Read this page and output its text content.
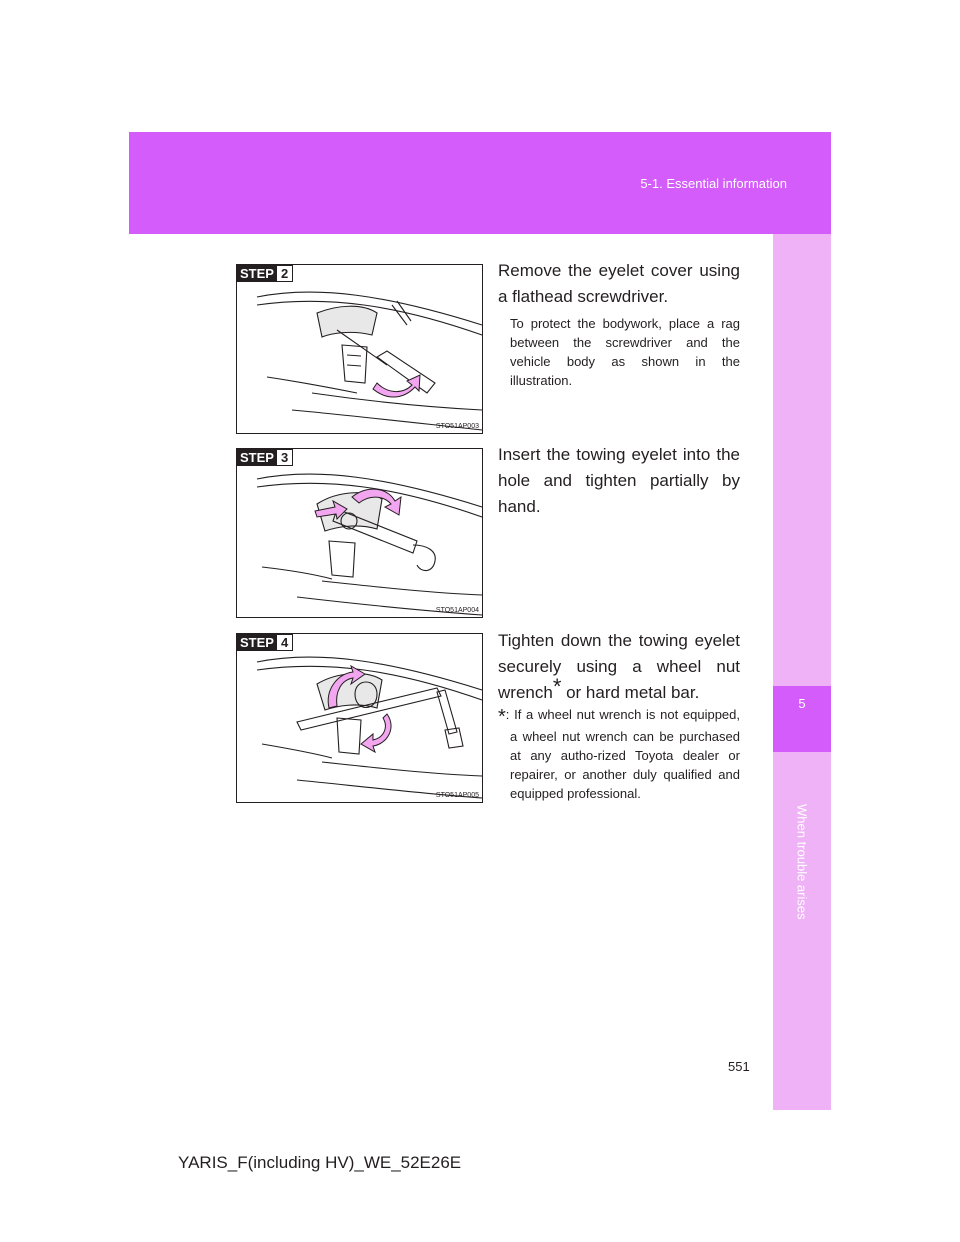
5-1. Essential information
5
When trouble arises
STEP 2
STO51AP003
Remove the eyelet cover using a flathead screwdriver.
To protect the bodywork, place a rag between the screwdriver and the vehicle body as shown in the illustration.
STEP 3
STO51AP004
Insert the towing eyelet into the hole and tighten partially by hand.
STEP 4
STO51AP005
Tighten down the towing eyelet securely using a wheel nut wrench* or hard metal bar.
*: If a wheel nut wrench is not equipped, a wheel nut wrench can be purchased at any autho-rized Toyota dealer or repairer, or another duly qualified and equipped professional.
551
YARIS_F(including HV)_WE_52E26E
